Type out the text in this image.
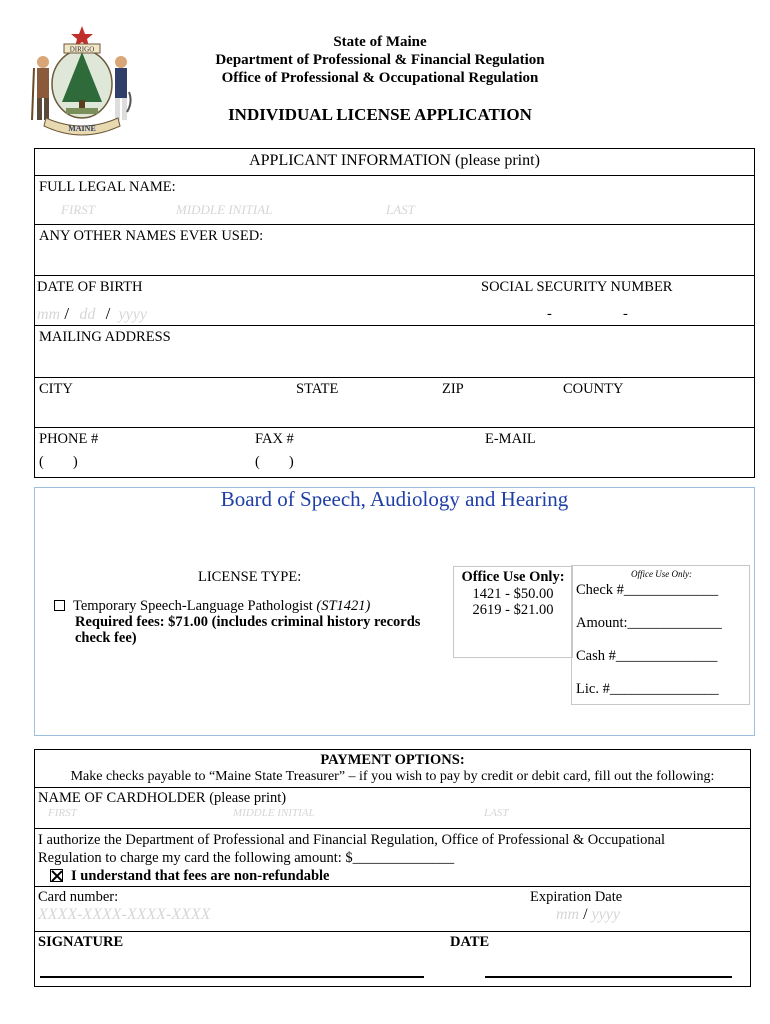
DIRIGO
MAINE
State of Maine
Department of Professional & Financial Regulation
Office of Professional & Occupational Regulation
INDIVIDUAL LICENSE APPLICATION
APPLICANT INFORMATION (please print)
FULL LEGAL NAME:
FIRST	MIDDLE INITIAL	LAST
ANY OTHER NAMES EVER USED:
DATE OF BIRTH	SOCIAL SECURITY NUMBER
mm / dd / yyyy	-	-
MAILING ADDRESS
CITY	STATE	ZIP	COUNTY
PHONE #	FAX #	E-MAIL
(        )	(        )
Board of Speech, Audiology and Hearing
LICENSE TYPE:
Temporary Speech-Language Pathologist (ST1421)
Required fees: $71.00 (includes criminal history records
check fee)
Office Use Only:
1421 - $50.00
2619 - $21.00
Office Use Only:
Check #_____________
Amount:_____________
Cash #______________
Lic. #_______________
PAYMENT OPTIONS:
Make checks payable to “Maine State Treasurer” – if you wish to pay by credit or debit card, fill out the following:
NAME OF CARDHOLDER (please print)
FIRST	MIDDLE INITIAL	LAST
I authorize the Department of Professional and Financial Regulation, Office of Professional & Occupational
Regulation to charge my card the following amount: $______________
I understand that fees are non-refundable
Card number:	Expiration Date
XXXX-XXXX-XXXX-XXXX	mm / yyyy
SIGNATURE	DATE
